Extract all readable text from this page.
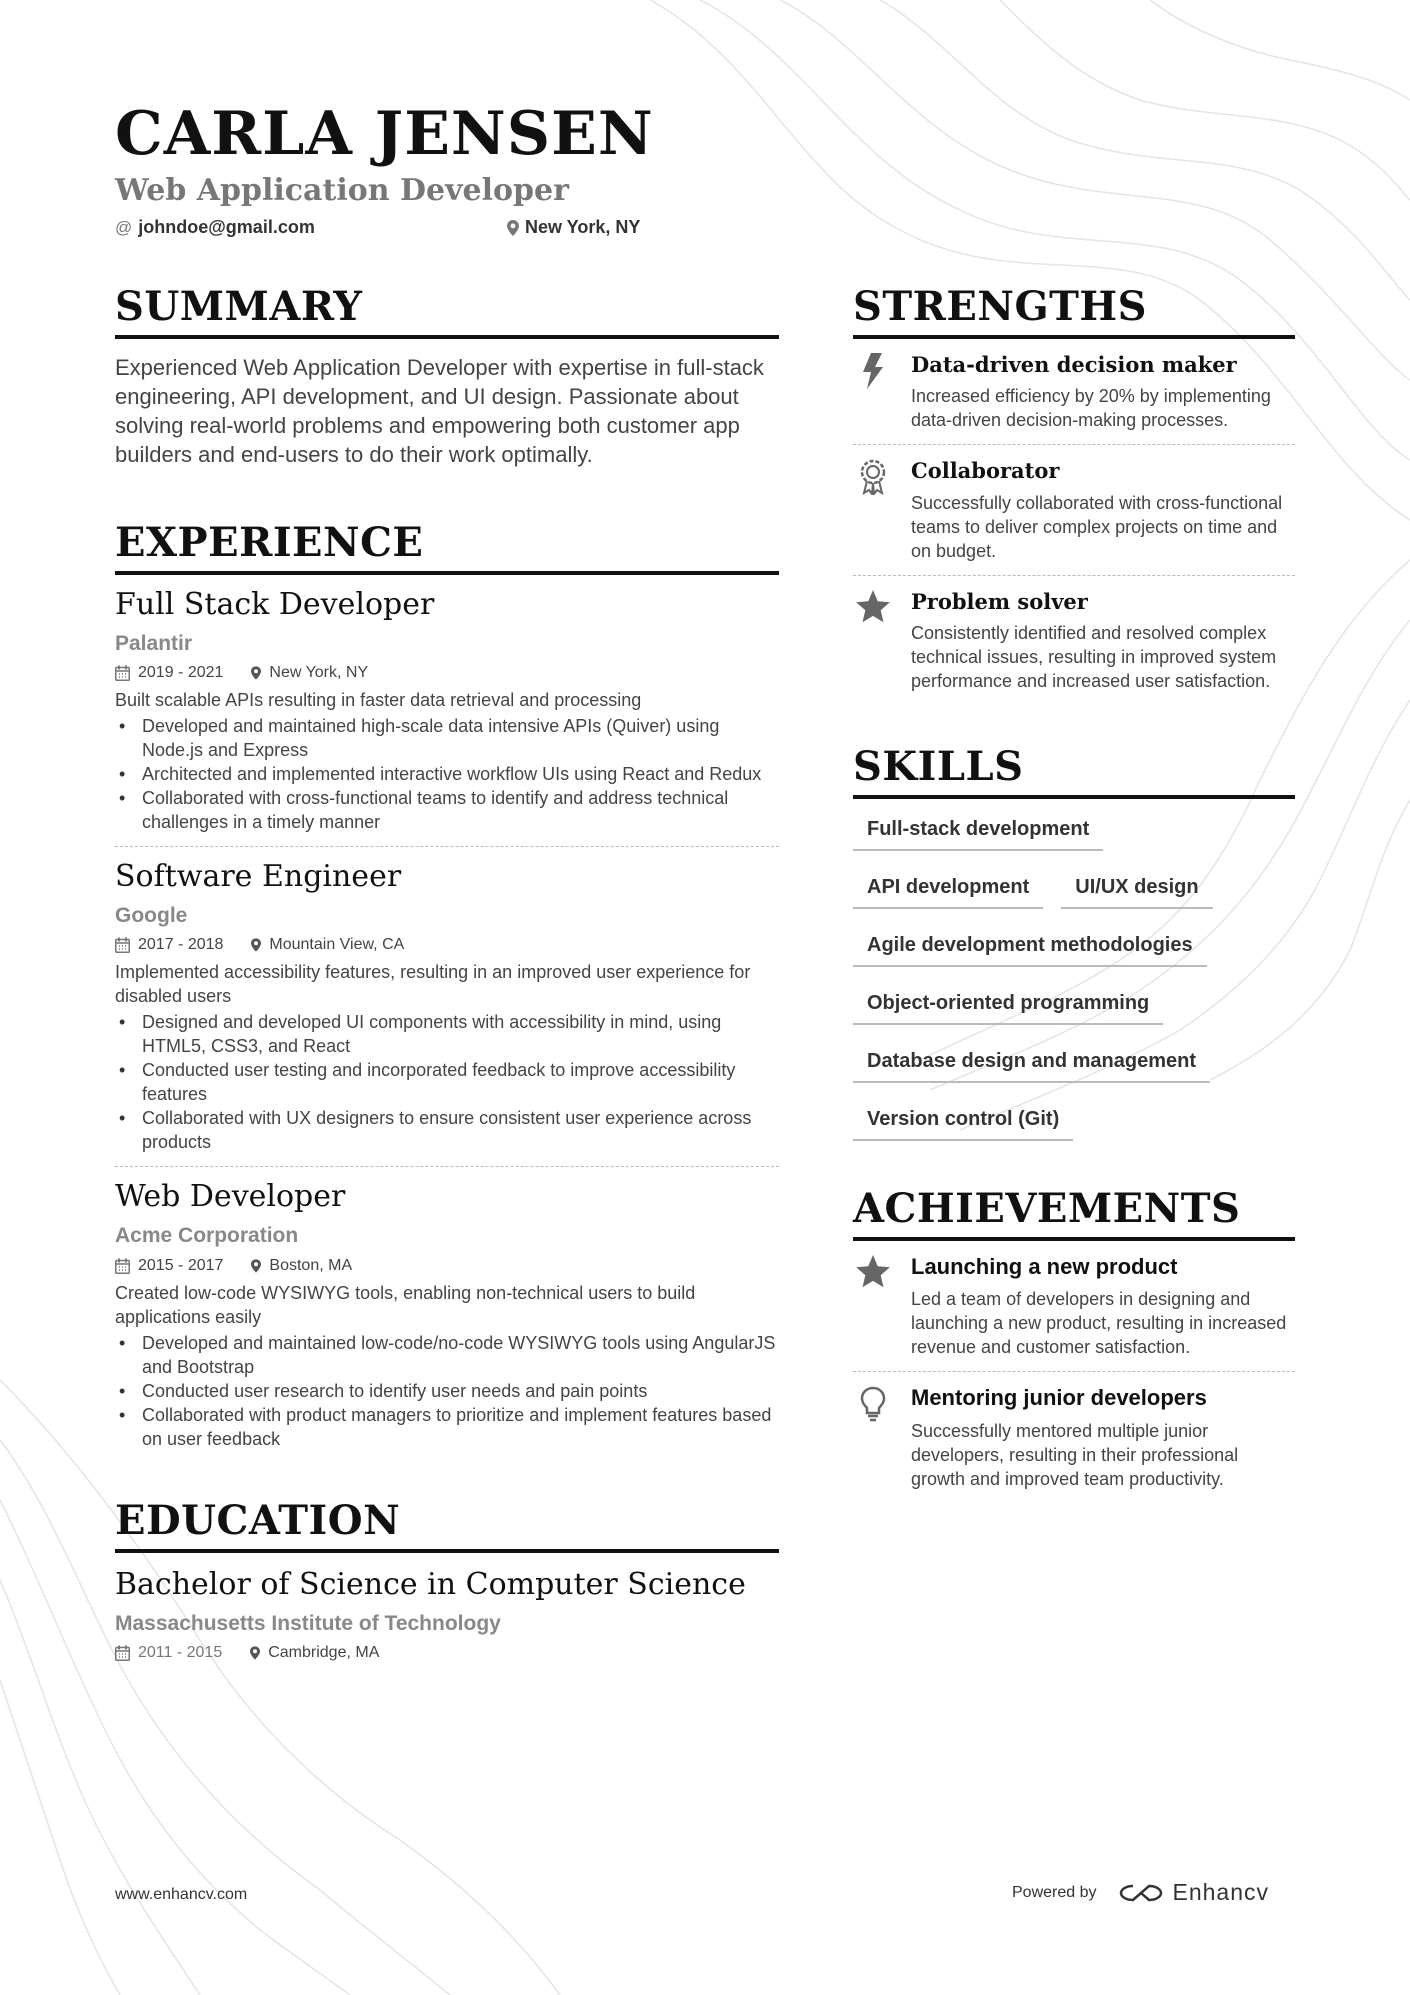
CARLA JENSEN
Web Application Developer
@ johndoe@gmail.com	New York, NY
SUMMARY

Experienced Web Application Developer with expertise in full-stack engineering, API development, and UI design. Passionate about solving real-world problems and empowering both customer app builders and end-users to do their work optimally.

EXPERIENCE
Full Stack Developer
Palantir
2019 - 2021	New York, NY
Built scalable APIs resulting in faster data retrieval and processing
• Developed and maintained high-scale data intensive APIs (Quiver) using Node.js and Express
• Architected and implemented interactive workflow UIs using React and Redux
• Collaborated with cross-functional teams to identify and address technical challenges in a timely manner
Software Engineer
Google
2017 - 2018	Mountain View, CA
Implemented accessibility features, resulting in an improved user experience for disabled users
• Designed and developed UI components with accessibility in mind, using HTML5, CSS3, and React
• Conducted user testing and incorporated feedback to improve accessibility features
• Collaborated with UX designers to ensure consistent user experience across products
Web Developer
Acme Corporation
2015 - 2017	Boston, MA
Created low-code WYSIWYG tools, enabling non-technical users to build applications easily
• Developed and maintained low-code/no-code WYSIWYG tools using AngularJS and Bootstrap
• Conducted user research to identify user needs and pain points
• Collaborated with product managers to prioritize and implement features based on user feedback
EDUCATION
Bachelor of Science in Computer Science
Massachusetts Institute of Technology
2011 - 2015	Cambridge, MA
STRENGTHS
Data-driven decision maker
Increased efficiency by 20% by implementing data-driven decision-making processes.
Collaborator
Successfully collaborated with cross-functional teams to deliver complex projects on time and on budget.
Problem solver
Consistently identified and resolved complex technical issues, resulting in improved system performance and increased user satisfaction.
SKILLS
Full-stack development
API development	UI/UX design
Agile development methodologies
Object-oriented programming
Database design and management
Version control (Git)
ACHIEVEMENTS
Launching a new product
Led a team of developers in designing and launching a new product, resulting in increased revenue and customer satisfaction.
Mentoring junior developers
Successfully mentored multiple junior developers, resulting in their professional growth and improved team productivity.
www.enhancv.com	Powered by	Enhancv
